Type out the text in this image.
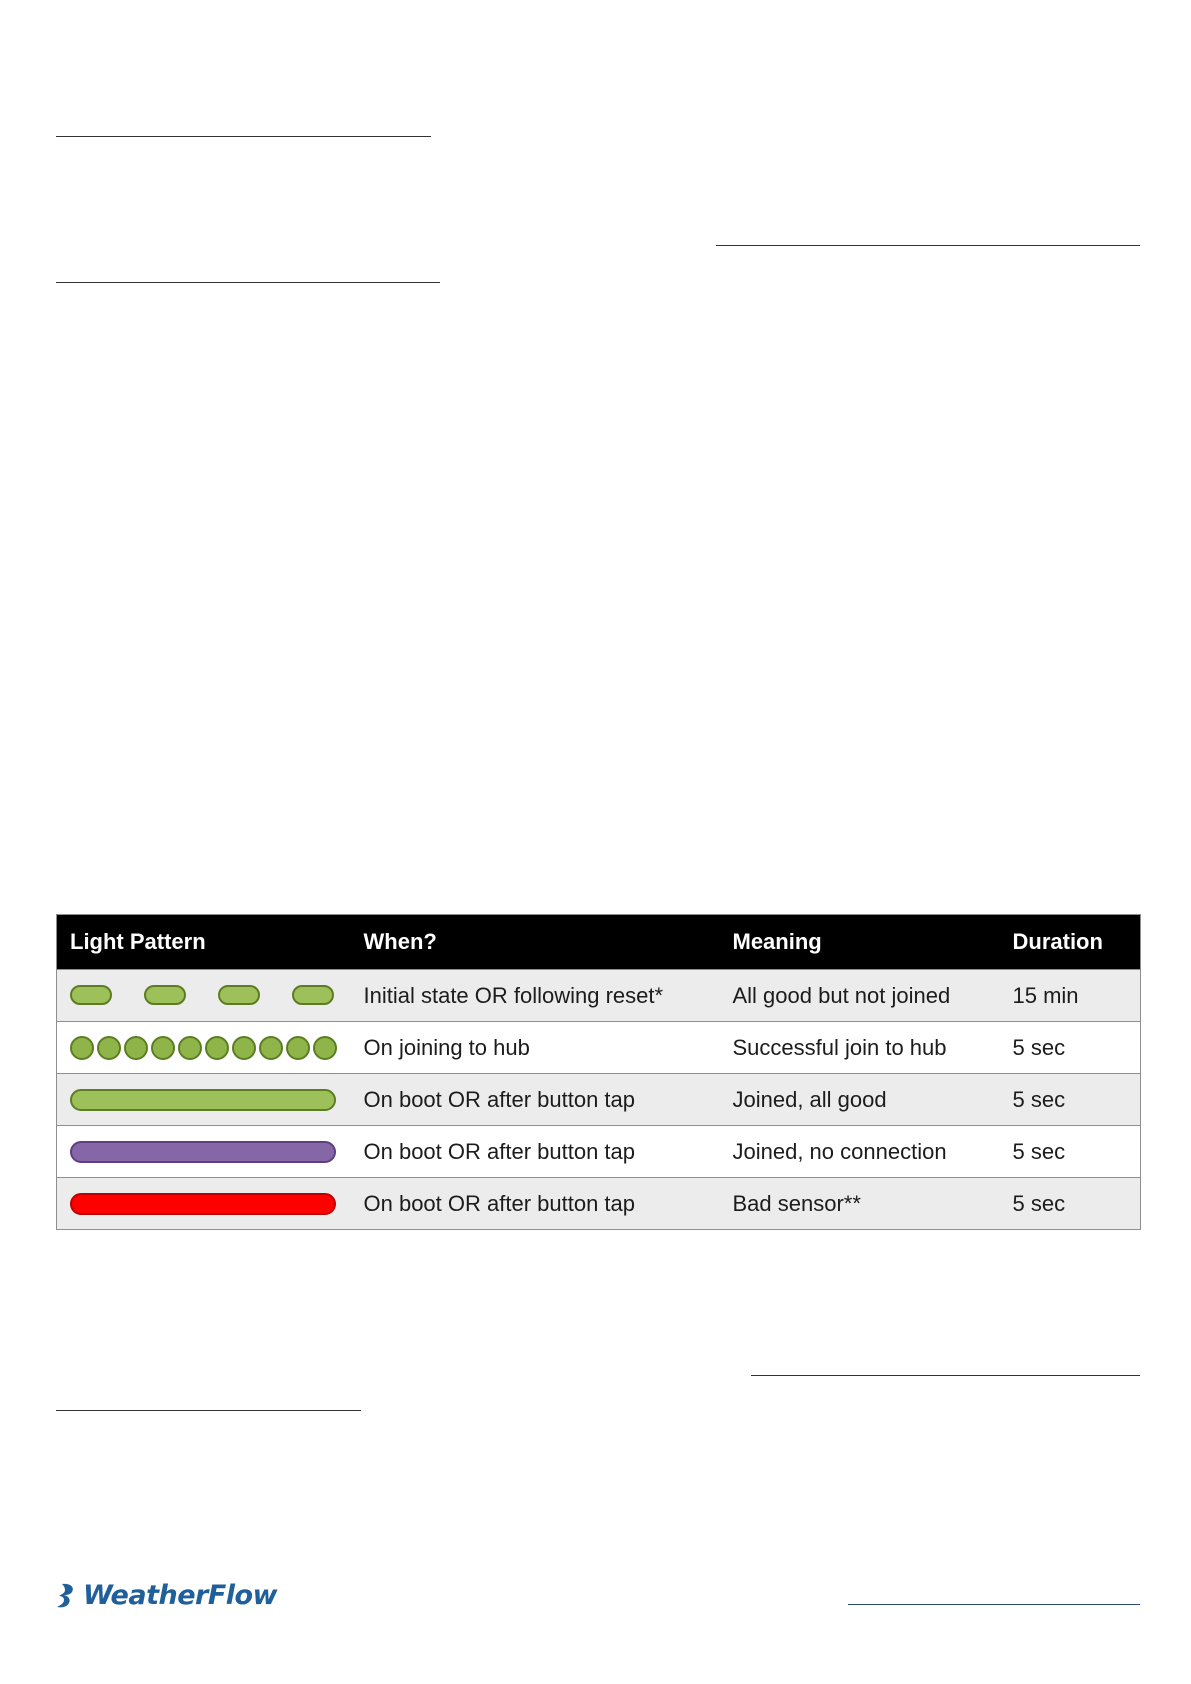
Light Pattern	When?	Meaning	Duration

	Initial state OR following reset*	All good but not joined	15 min

	On joining to hub	Successful join to hub	5 sec

	On boot OR after button tap	Joined, all good	5 sec

	On boot OR after button tap	Joined, no connection	5 sec

	On boot OR after button tap	Bad sensor**	5 sec
WeatherFlow
